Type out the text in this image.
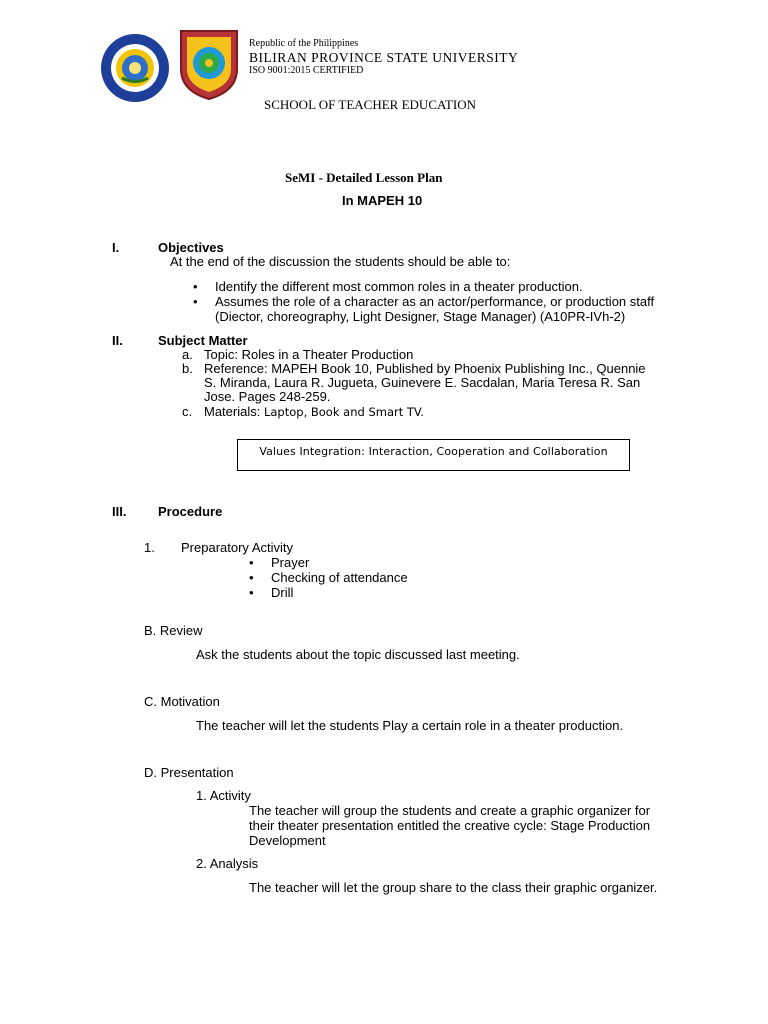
Republic of the Philippines
BILIRAN PROVINCE STATE UNIVERSITY
ISO 9001:2015 CERTIFIED
SCHOOL OF TEACHER EDUCATION
SeMI - Detailed Lesson Plan
In MAPEH 10
I.	Objectives
At the end of the discussion the students should be able to:
• Identify the different most common roles in a theater production.
• Assumes the role of a character as an actor/performance, or production staff
(Diector, choreography, Light Designer, Stage Manager) (A10PR-IVh-2)
II.	Subject Matter
a. Topic: Roles in a Theater Production
b. Reference: MAPEH Book 10, Published by Phoenix Publishing Inc., Quennie
S. Miranda, Laura R. Jugueta, Guinevere E. Sacdalan, Maria Teresa R. San
Jose. Pages 248-259.
c. Materials: Laptop, Book and Smart TV.
Values Integration: Interaction, Cooperation and Collaboration
III. Procedure
1. Preparatory Activity
• Prayer
• Checking of attendance
• Drill
B. Review
Ask the students about the topic discussed last meeting.
C. Motivation
The teacher will let the students Play a certain role in a theater production.
D. Presentation
1. Activity
The teacher will group the students and create a graphic organizer for
their theater presentation entitled the creative cycle: Stage Production
Development
2. Analysis
The teacher will let the group share to the class their graphic organizer.
